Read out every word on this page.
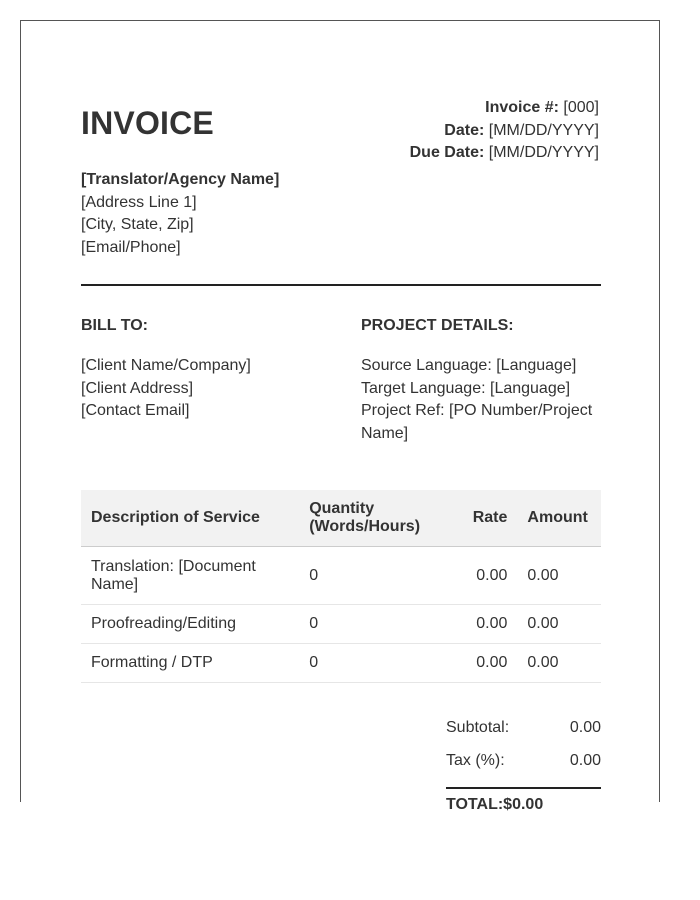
INVOICE	Invoice #: [000]
Date: [MM/DD/YYYY]
Due Date: [MM/DD/YYYY]
[Translator/Agency Name]
[Address Line 1]
[City, State, Zip]
[Email/Phone]
BILL TO:	PROJECT DETAILS:
[Client Name/Company]
[Client Address]
[Contact Email]
Source Language: [Language]
Target Language: [Language]
Project Ref: [PO Number/Project Name]
Description of Service	Quantity (Words/Hours)	Rate	Amount
Translation: [Document Name]	0	0.00	0.00
Proofreading/Editing	0	0.00	0.00
Formatting / DTP	0	0.00	0.00
Subtotal:	0.00
Tax (%):	0.00
TOTAL:$0.00
